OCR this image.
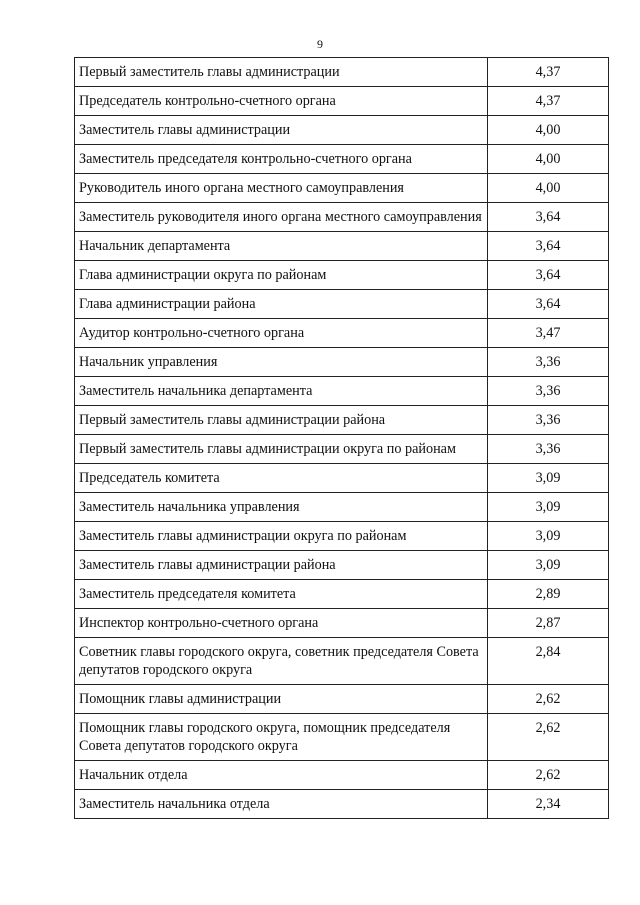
9
Первый заместитель главы администрации	4,37
Председатель контрольно-счетного органа	4,37
Заместитель главы администрации	4,00
Заместитель председателя контрольно-счетного органа	4,00
Руководитель иного органа местного самоуправления	4,00
Заместитель руководителя иного органа местного самоуправления	3,64
Начальник департамента	3,64
Глава администрации округа по районам	3,64
Глава администрации района	3,64
Аудитор контрольно-счетного органа	3,47
Начальник управления	3,36
Заместитель начальника департамента	3,36
Первый заместитель главы администрации района	3,36
Первый заместитель главы администрации округа по районам	3,36
Председатель комитета	3,09
Заместитель начальника управления	3,09
Заместитель главы администрации округа по районам	3,09
Заместитель главы администрации района	3,09
Заместитель председателя комитета	2,89
Инспектор контрольно-счетного органа	2,87
Советник главы городского округа, советник председателя Совета депутатов городского округа	2,84
Помощник главы администрации	2,62
Помощник главы городского округа, помощник председателя Совета депутатов городского округа	2,62
Начальник отдела	2,62
Заместитель начальника отдела	2,34
